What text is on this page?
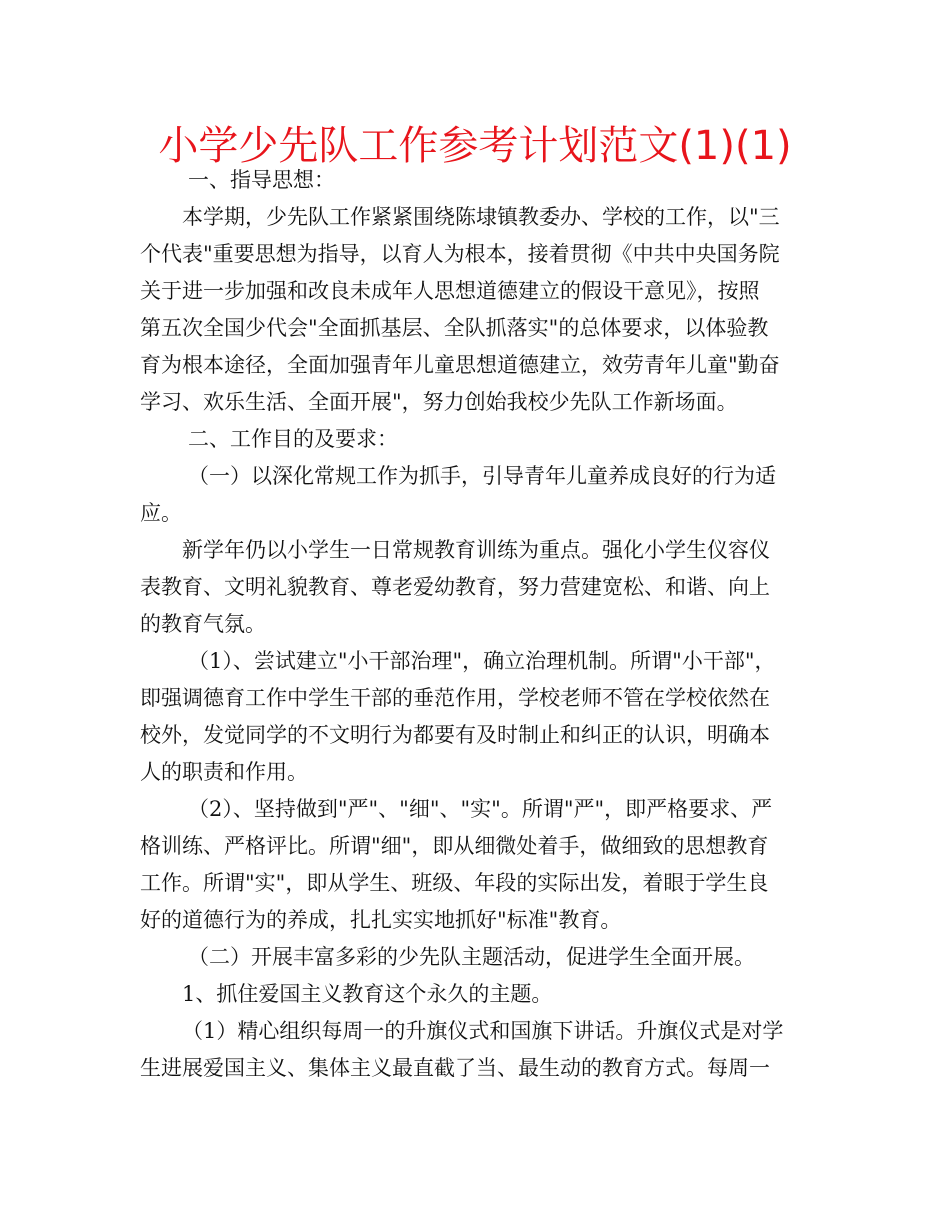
小学少先队工作参考计划范文(1)(1)

一、指导思想：

本学期，少先队工作紧紧围绕陈埭镇教委办、学校的工作，以"三

个代表"重要思想为指导，以育人为根本，接着贯彻《中共中央国务院

关于进一步加强和改良未成年人思想道德建立的假设干意见》，按照

第五次全国少代会"全面抓基层、全队抓落实"的总体要求，以体验教

育为根本途径，全面加强青年儿童思想道德建立，效劳青年儿童"勤奋

学习、欢乐生活、全面开展"，努力创始我校少先队工作新场面。

二、工作目的及要求：

（一）以深化常规工作为抓手，引导青年儿童养成良好的行为适

应。

新学年仍以小学生一日常规教育训练为重点。强化小学生仪容仪

表教育、文明礼貌教育、尊老爱幼教育，努力营建宽松、和谐、向上

的教育气氛。

（1）、尝试建立"小干部治理"，确立治理机制。所谓"小干部"，

即强调德育工作中学生干部的垂范作用，学校老师不管在学校依然在

校外，发觉同学的不文明行为都要有及时制止和纠正的认识，明确本

人的职责和作用。

（2）、坚持做到"严"、"细"、"实"。所谓"严"，即严格要求、严

格训练、严格评比。所谓"细"，即从细微处着手，做细致的思想教育

工作。所谓"实"，即从学生、班级、年段的实际出发，着眼于学生良

好的道德行为的养成，扎扎实实地抓好"标准"教育。

（二）开展丰富多彩的少先队主题活动，促进学生全面开展。

1、抓住爱国主义教育这个永久的主题。

（1）精心组织每周一的升旗仪式和国旗下讲话。升旗仪式是对学

生进展爱国主义、集体主义最直截了当、最生动的教育方式。每周一
